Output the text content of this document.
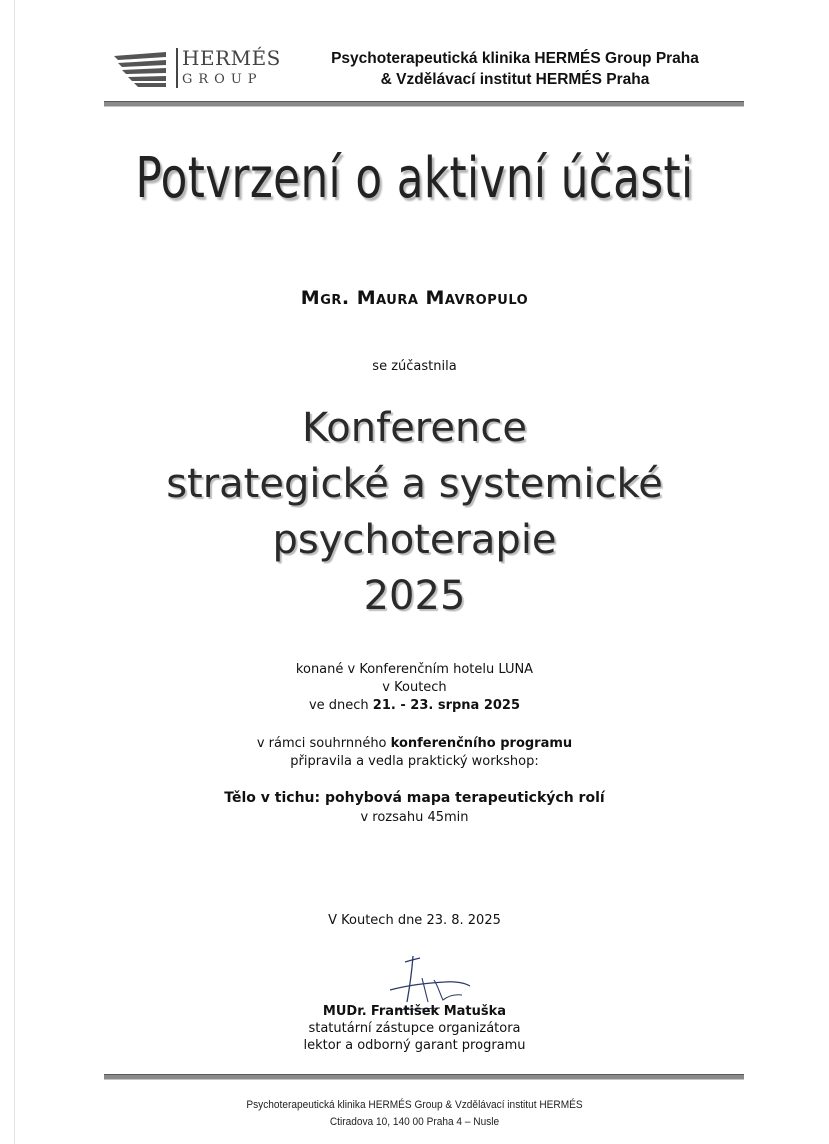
HERMÉS
GROUP
Psychoterapeutická klinika HERMÉS Group Praha
& Vzdělávací institut HERMÉS Praha
Potvrzení o aktivní účasti
Mgr. Maura Mavropulo
se zúčastnila
Konference
strategické a systemické
psychoterapie
2025
konané v Konferenčním hotelu LUNA
v Koutech
ve dnech 21. - 23. srpna 2025
v rámci souhrnného konferenčního programu
připravila a vedla praktický workshop:
Tělo v tichu: pohybová mapa terapeutických rolí
v rozsahu 45min
V Koutech dne 23. 8. 2025
MUDr. František Matuška
statutární zástupce organizátora
lektor a odborný garant programu
Psychoterapeutická klinika HERMÉS Group & Vzdělávací institut HERMÉS
Ctiradova 10, 140 00 Praha 4 – Nusle
